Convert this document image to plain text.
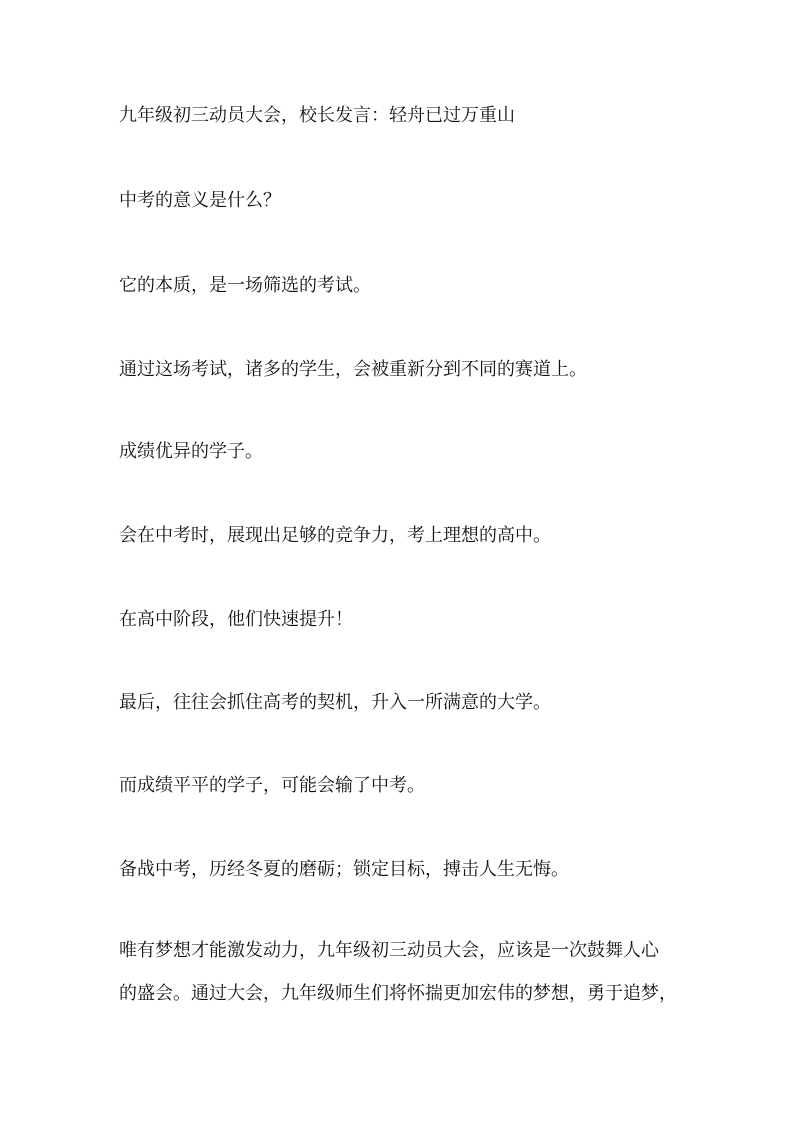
九年级初三动员大会，校长发言：轻舟已过万重山

中考的意义是什么？

它的本质，是一场筛选的考试。

通过这场考试，诸多的学生，会被重新分到不同的赛道上。

成绩优异的学子。

会在中考时，展现出足够的竞争力，考上理想的高中。

在高中阶段，他们快速提升！

最后，往往会抓住高考的契机，升入一所满意的大学。

而成绩平平的学子，可能会输了中考。

备战中考，历经冬夏的磨砺；锁定目标，搏击人生无悔。

唯有梦想才能激发动力，九年级初三动员大会，应该是一次鼓舞人心

的盛会。通过大会，九年级师生们将怀揣更加宏伟的梦想，勇于追梦，
